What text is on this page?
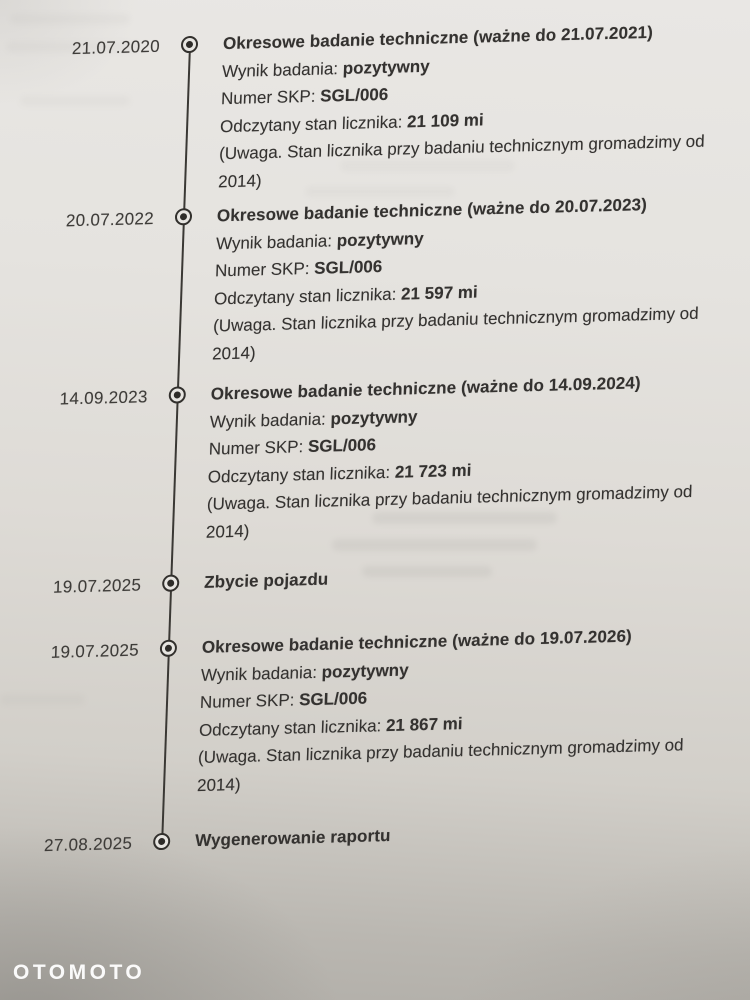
21.07.2020	Okresowe badanie techniczne (ważne do 21.07.2021)
Wynik badania: pozytywny
Numer SKP: SGL/006
Odczytany stan licznika: 21 109 mi
(Uwaga. Stan licznika przy badaniu technicznym gromadzimy od 2014)
20.07.2022	Okresowe badanie techniczne (ważne do 20.07.2023)
Wynik badania: pozytywny
Numer SKP: SGL/006
Odczytany stan licznika: 21 597 mi
(Uwaga. Stan licznika przy badaniu technicznym gromadzimy od 2014)
14.09.2023	Okresowe badanie techniczne (ważne do 14.09.2024)
Wynik badania: pozytywny
Numer SKP: SGL/006
Odczytany stan licznika: 21 723 mi
(Uwaga. Stan licznika przy badaniu technicznym gromadzimy od 2014)
19.07.2025	Zbycie pojazdu
19.07.2025	Okresowe badanie techniczne (ważne do 19.07.2026)
Wynik badania: pozytywny
Numer SKP: SGL/006
Odczytany stan licznika: 21 867 mi
(Uwaga. Stan licznika przy badaniu technicznym gromadzimy od 2014)
27.08.2025	Wygenerowanie raportu
OTOMOTO
